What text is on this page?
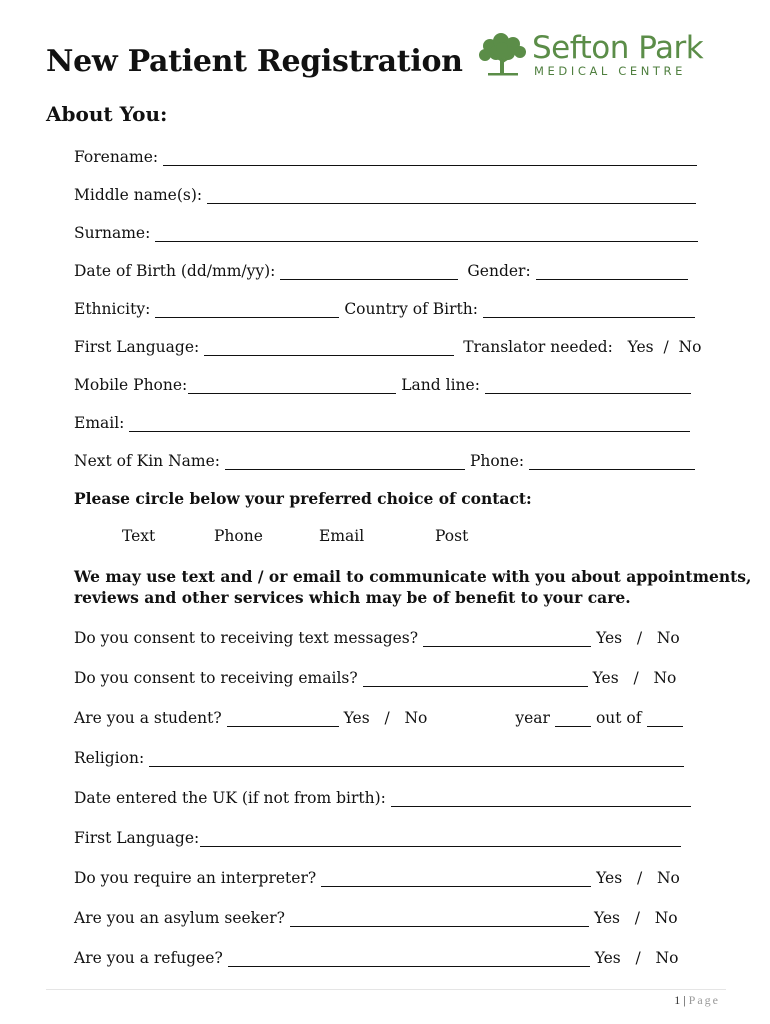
New Patient Registration Sefton Park
MEDICAL CENTRE
About You:
Forename:
Middle name(s):
Surname:
Date of Birth (dd/mm/yy):	Gender:
Ethnicity:	Country of Birth:
First Language:	Translator needed:   Yes  /  No
Mobile Phone:	Land line:
Email:
Next of Kin Name:	Phone:
Please circle below your preferred choice of contact:
Text	Phone	Email	Post
We may use text and / or email to communicate with you about appointments,
reviews and other services which may be of benefit to your care.
Do you consent to receiving text messages?	Yes   /   No
Do you consent to receiving emails?	Yes   /   No
Are you a student?	Yes   /   No	year	out of
Religion:
Date entered the UK (if not from birth):
First Language:
Do you require an interpreter?	Yes   /   No
Are you an asylum seeker?	Yes   /   No
Are you a refugee?	Yes   /   No
1 | Page
